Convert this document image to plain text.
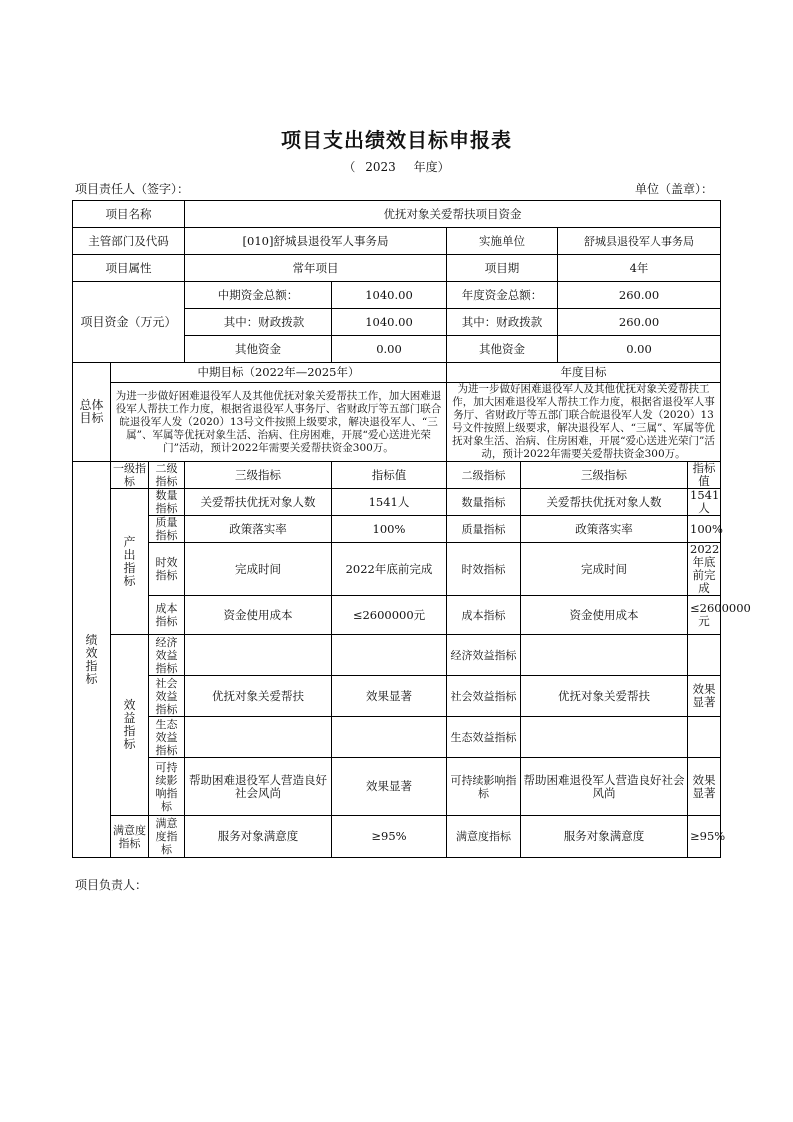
项目支出绩效目标申报表
（ 2023 年度）
项目责任人（签字）：	单位（盖章）：
项目名称			优抚对象关爱帮扶项目资金					
主管部门及代码			[010]舒城县退役军人事务局		实施单位		舒城县退役军人事务局	
项目属性			常年项目		项目期		4年	
项目资金（万元）			中期资金总额：	1040.00	年度资金总额：		260.00	
			其中：财政拨款	1040.00	其中：财政拨款		260.00	
			其他资金	0.00	其他资金		0.00	
总体目标	中期目标（2022年—2025年）				年度目标			
	为进一步做好困难退役军人及其他优抚对象关爱帮扶工作，加大困难退役军人帮扶工作力度，根据省退役军人事务厅、省财政厅等五部门联合皖退役军人发（2020）13号文件按照上级要求，解决退役军人、“三属”、军属等优抚对象生活、治病、住房困难，开展“爱心送进光荣门”活动，预计2022年需要关爱帮扶资金300万。				为进一步做好困难退役军人及其他优抚对象关爱帮扶工作，加大困难退役军人帮扶工作力度，根据省退役军人事务厅、省财政厅等五部门联合皖退役军人发（2020）13号文件按照上级要求，解决退役军人、“三属”、军属等优抚对象生活、治病、住房困难，开展“爱心送进光荣门”活动，预计2022年需要关爱帮扶资金300万。			
绩效指标	一级指标	二级指标	三级指标	指标值	二级指标	三级指标		指标值
	产出指标	数量指标	关爱帮扶优抚对象人数	1541人	数量指标	关爱帮扶优抚对象人数		1541人
		质量指标	政策落实率	100%	质量指标	政策落实率		100%
		时效指标	完成时间	2022年底前完成	时效指标	完成时间		2022年底前完成
		成本指标	资金使用成本	≤2600000元	成本指标	资金使用成本		≤2600000元
	效益指标	经济效益指标			经济效益指标			
		社会效益指标	优抚对象关爱帮扶	效果显著	社会效益指标	优抚对象关爱帮扶		效果显著
		生态效益指标			生态效益指标			
		可持续影响指标	帮助困难退役军人营造良好社会风尚	效果显著	可持续影响指标	帮助困难退役军人营造良好社会风尚		效果显著
	满意度指标	满意度指标	服务对象满意度	≥95%	满意度指标	服务对象满意度		≥95%
项目负责人：
